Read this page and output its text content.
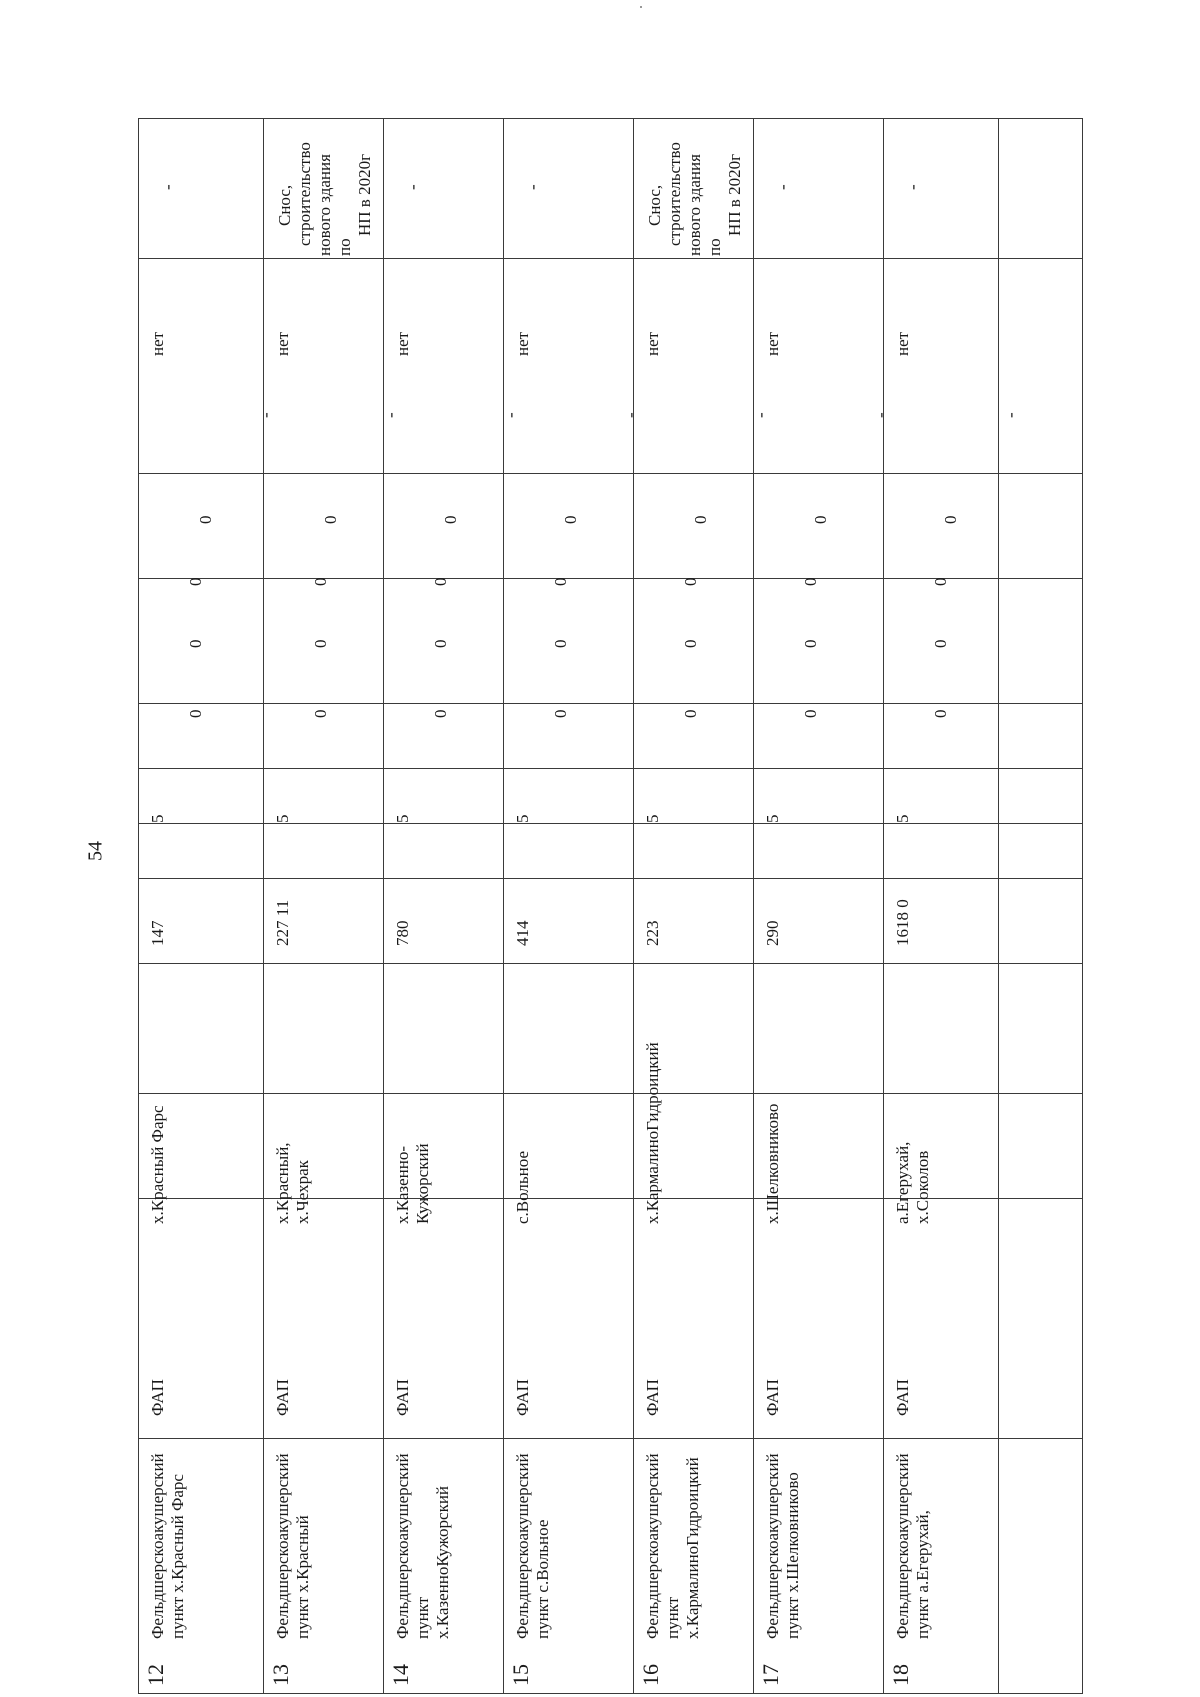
54
12
Фельдшерскоакушерский пункт х.Красный Фарс
ФАП
х.Красный Фарс
147
5
0
0
0
0
-
нет
-
13
Фельдшерскоакушерский пункт х.Красный
ФАП
х.Красный, х.Чехрак
227 11
5
0
0
0
0
-
нет
Снос, строительство нового здания по
НП в 2020г
14
Фельдшерскоакушерский пункт х.КазенноКужорский
ФАП
х.Казенно- Кужорский
780
5
0
0
0
0
-
нет
-
15
Фельдшерскоакушерский пункт с.Вольное
ФАП
с.Вольное
414
5
0
0
0
0
-
нет
-
16
Фельдшерскоакушерский пункт х.КармалиноГидроицкий
ФАП
х.КармалиноГидроицкий
223
5
0
0
0
0
-
нет
Снос, строительство нового здания по
НП в 2020г
17
Фельдшерскоакушерский пункт х.Шелковниково
ФАП
х.Шелковниково
290
5
0
0
0
0
-
нет
-
18
Фельдшерскоакушерский пункт а.Егерухай,
ФАП
а.Егерухай, х.Соколов
1618 0
5
0
0
0
0
-
нет
-
